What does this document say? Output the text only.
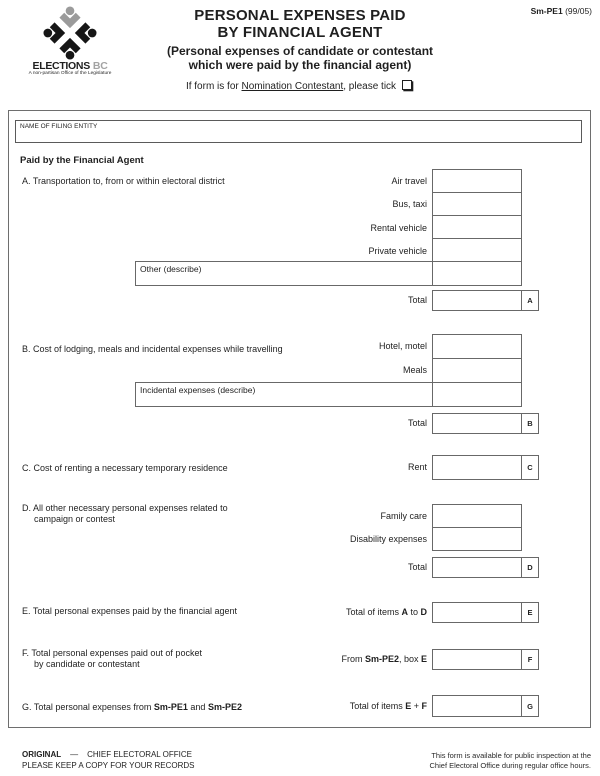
ELECTIONS BC
A non-partisan Office of the Legislature
PERSONAL EXPENSES PAID
BY FINANCIAL AGENT
(Personal expenses of candidate or contestant
which were paid by the financial agent)
If form is for Nomination Contestant, please tick
Sm-PE1 (99/05)
NAME OF FILING ENTITY
Paid by the Financial Agent
A. Transportation to, from or within electoral district	Air travel
Bus, taxi
Rental vehicle
Private vehicle
Other (describe)
Total	A
B. Cost of lodging, meals and incidental expenses while travelling	Hotel, motel
Meals
Incidental expenses (describe)
Total	B
C. Cost of renting a necessary temporary residence	Rent	C
D. All other necessary personal expenses related to
campaign or contest	Family care
Disability expenses
Total	D
E. Total personal expenses paid by the financial agent	Total of items A to D	E
F. Total personal expenses paid out of pocket
by candidate or contestant	From Sm-PE2, box E	F
G. Total personal expenses from Sm-PE1 and Sm-PE2	Total of items E + F	G
ORIGINAL — CHIEF ELECTORAL OFFICE
PLEASE KEEP A COPY FOR YOUR RECORDS
This form is available for public inspection at the
Chief Electoral Office during regular office hours.
